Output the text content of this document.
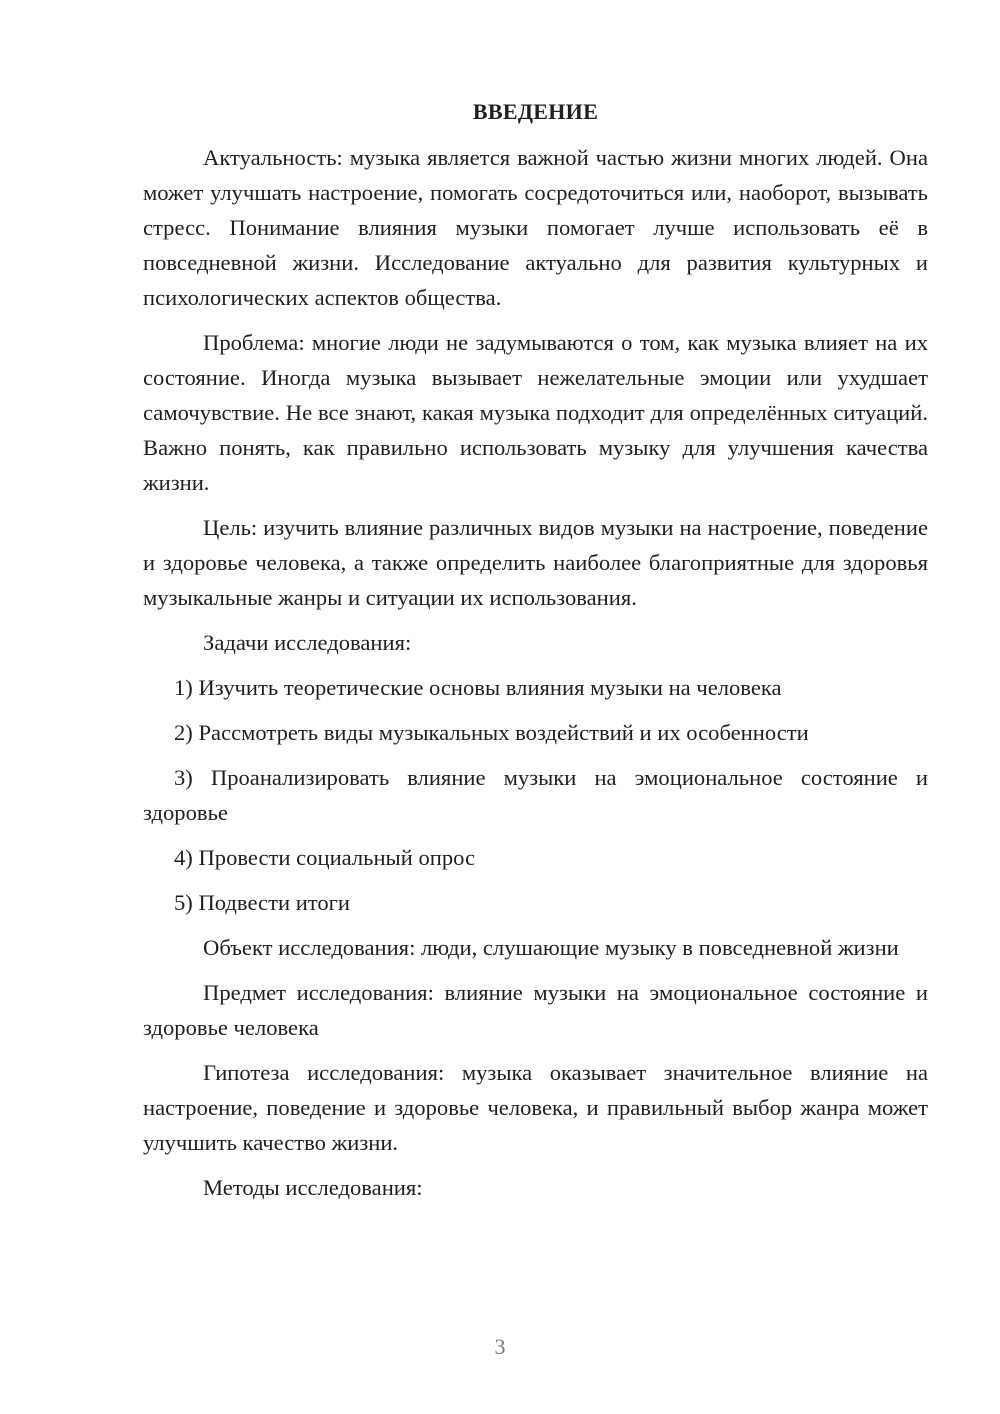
ВВЕДЕНИЕ

Актуальность: музыка является важной частью жизни многих людей. Она может улучшать настроение, помогать сосредоточиться или, наоборот, вызывать стресс. Понимание влияния музыки помогает лучше использовать её в повседневной жизни. Исследование актуально для развития культурных и психологических аспектов общества.

Проблема: многие люди не задумываются о том, как музыка влияет на их состояние. Иногда музыка вызывает нежелательные эмоции или ухудшает самочувствие. Не все знают, какая музыка подходит для определённых ситуаций. Важно понять, как правильно использовать музыку для улучшения качества жизни.

Цель: изучить влияние различных видов музыки на настроение, поведение и здоровье человека, а также определить наиболее благоприятные для здоровья музыкальные жанры и ситуации их использования.

Задачи исследования:

1) Изучить теоретические основы влияния музыки на человека

2) Рассмотреть виды музыкальных воздействий и их особенности

3) Проанализировать влияние музыки на эмоциональное состояние и здоровье

4) Провести социальный опрос

5) Подвести итоги

Объект исследования: люди, слушающие музыку в повседневной жизни

Предмет исследования: влияние музыки на эмоциональное состояние и здоровье человека

Гипотеза исследования: музыка оказывает значительное влияние на настроение, поведение и здоровье человека, и правильный выбор жанра может улучшить качество жизни.

Методы исследования:

3
